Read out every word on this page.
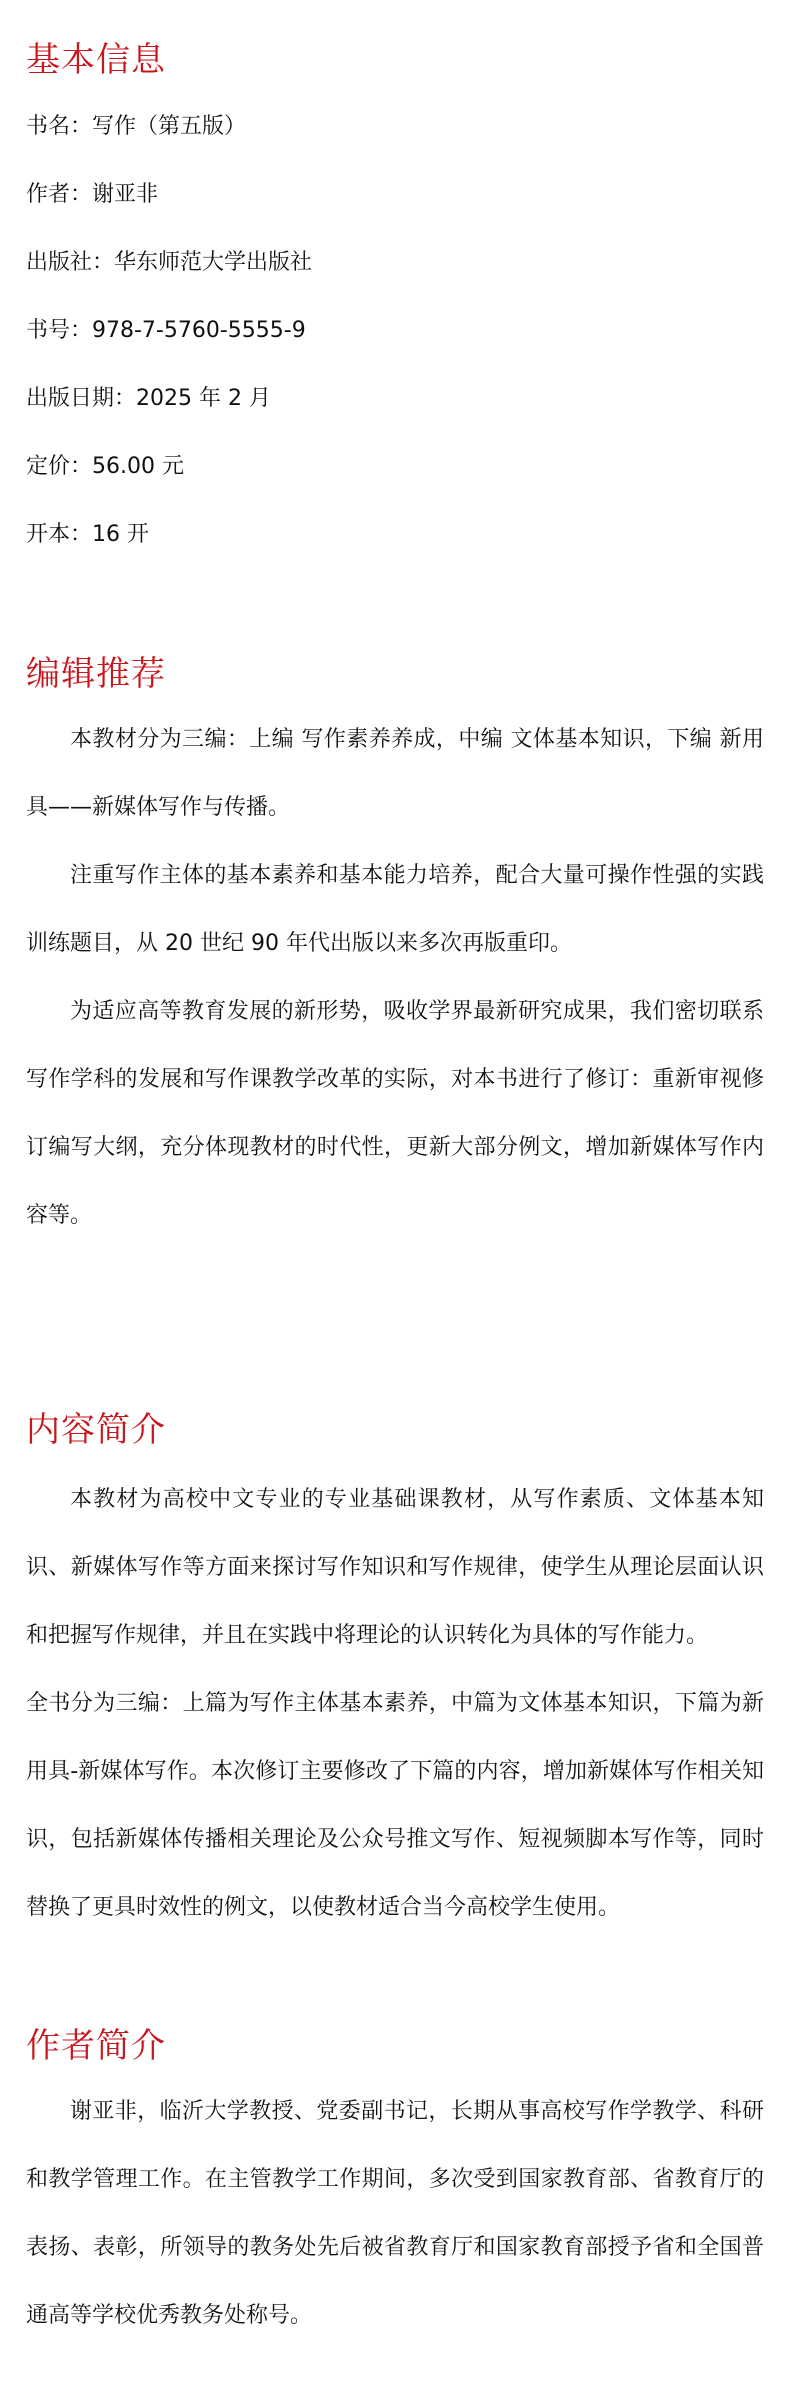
基本信息

书名：写作（第五版）

作者：谢亚非

出版社：华东师范大学出版社

书号：978-7-5760-5555-9

出版日期：2025 年 2 月

定价：56.00 元

开本：16 开

编辑推荐

本教材分为三编：上编 写作素养养成，中编 文体基本知识，下编 新用具——新媒体写作与传播。

注重写作主体的基本素养和基本能力培养，配合大量可操作性强的实践训练题目，从 20 世纪 90 年代出版以来多次再版重印。

为适应高等教育发展的新形势，吸收学界最新研究成果，我们密切联系写作学科的发展和写作课教学改革的实际，对本书进行了修订：重新审视修订编写大纲，充分体现教材的时代性，更新大部分例文，增加新媒体写作内容等。

内容简介

本教材为高校中文专业的专业基础课教材，从写作素质、文体基本知识、新媒体写作等方面来探讨写作知识和写作规律，使学生从理论层面认识和把握写作规律，并且在实践中将理论的认识转化为具体的写作能力。

全书分为三编：上篇为写作主体基本素养，中篇为文体基本知识，下篇为新用具-新媒体写作。本次修订主要修改了下篇的内容，增加新媒体写作相关知识，包括新媒体传播相关理论及公众号推文写作、短视频脚本写作等，同时替换了更具时效性的例文，以使教材适合当今高校学生使用。

作者简介

谢亚非，临沂大学教授、党委副书记，长期从事高校写作学教学、科研和教学管理工作。在主管教学工作期间，多次受到国家教育部、省教育厅的表扬、表彰，所领导的教务处先后被省教育厅和国家教育部授予省和全国普通高等学校优秀教务处称号。
